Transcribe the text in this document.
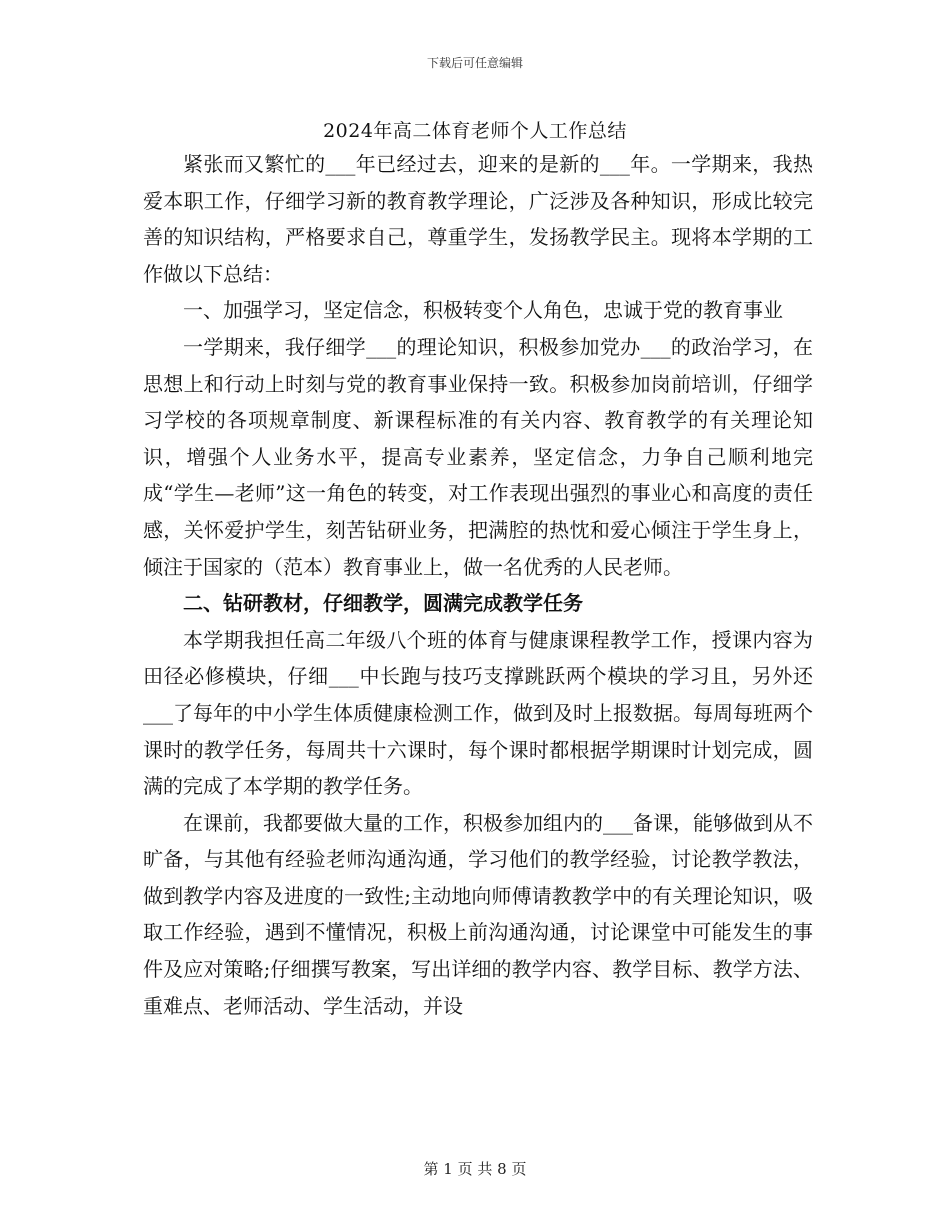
下载后可任意编辑
2024年高二体育老师个人工作总结

紧张而又繁忙的___年已经过去，迎来的是新的___年。一学期来，我热爱本职工作，仔细学习新的教育教学理论，广泛涉及各种知识，形成比较完善的知识结构，严格要求自己，尊重学生，发扬教学民主。现将本学期的工作做以下总结：

一、加强学习，坚定信念，积极转变个人角色，忠诚于党的教育事业

一学期来，我仔细学___的理论知识，积极参加党办___的政治学习，在思想上和行动上时刻与党的教育事业保持一致。积极参加岗前培训，仔细学习学校的各项规章制度、新课程标准的有关内容、教育教学的有关理论知识，增强个人业务水平，提高专业素养，坚定信念，力争自己顺利地完成“学生—老师”这一角色的转变，对工作表现出强烈的事业心和高度的责任感，关怀爱护学生，刻苦钻研业务，把满腔的热忱和爱心倾注于学生身上，倾注于国家的（范本）教育事业上，做一名优秀的人民老师。

二、钻研教材，仔细教学，圆满完成教学任务

本学期我担任高二年级八个班的体育与健康课程教学工作，授课内容为田径必修模块，仔细___中长跑与技巧支撑跳跃两个模块的学习且，另外还___了每年的中小学生体质健康检测工作，做到及时上报数据。每周每班两个课时的教学任务，每周共十六课时，每个课时都根据学期课时计划完成，圆满的完成了本学期的教学任务。

在课前，我都要做大量的工作，积极参加组内的___备课，能够做到从不旷备，与其他有经验老师沟通沟通，学习他们的教学经验，讨论教学教法，做到教学内容及进度的一致性;主动地向师傅请教教学中的有关理论知识，吸取工作经验，遇到不懂情况，积极上前沟通沟通，讨论课堂中可能发生的事件及应对策略;仔细撰写教案，写出详细的教学内容、教学目标、教学方法、重难点、老师活动、学生活动，并设

第 1 页 共 8 页
